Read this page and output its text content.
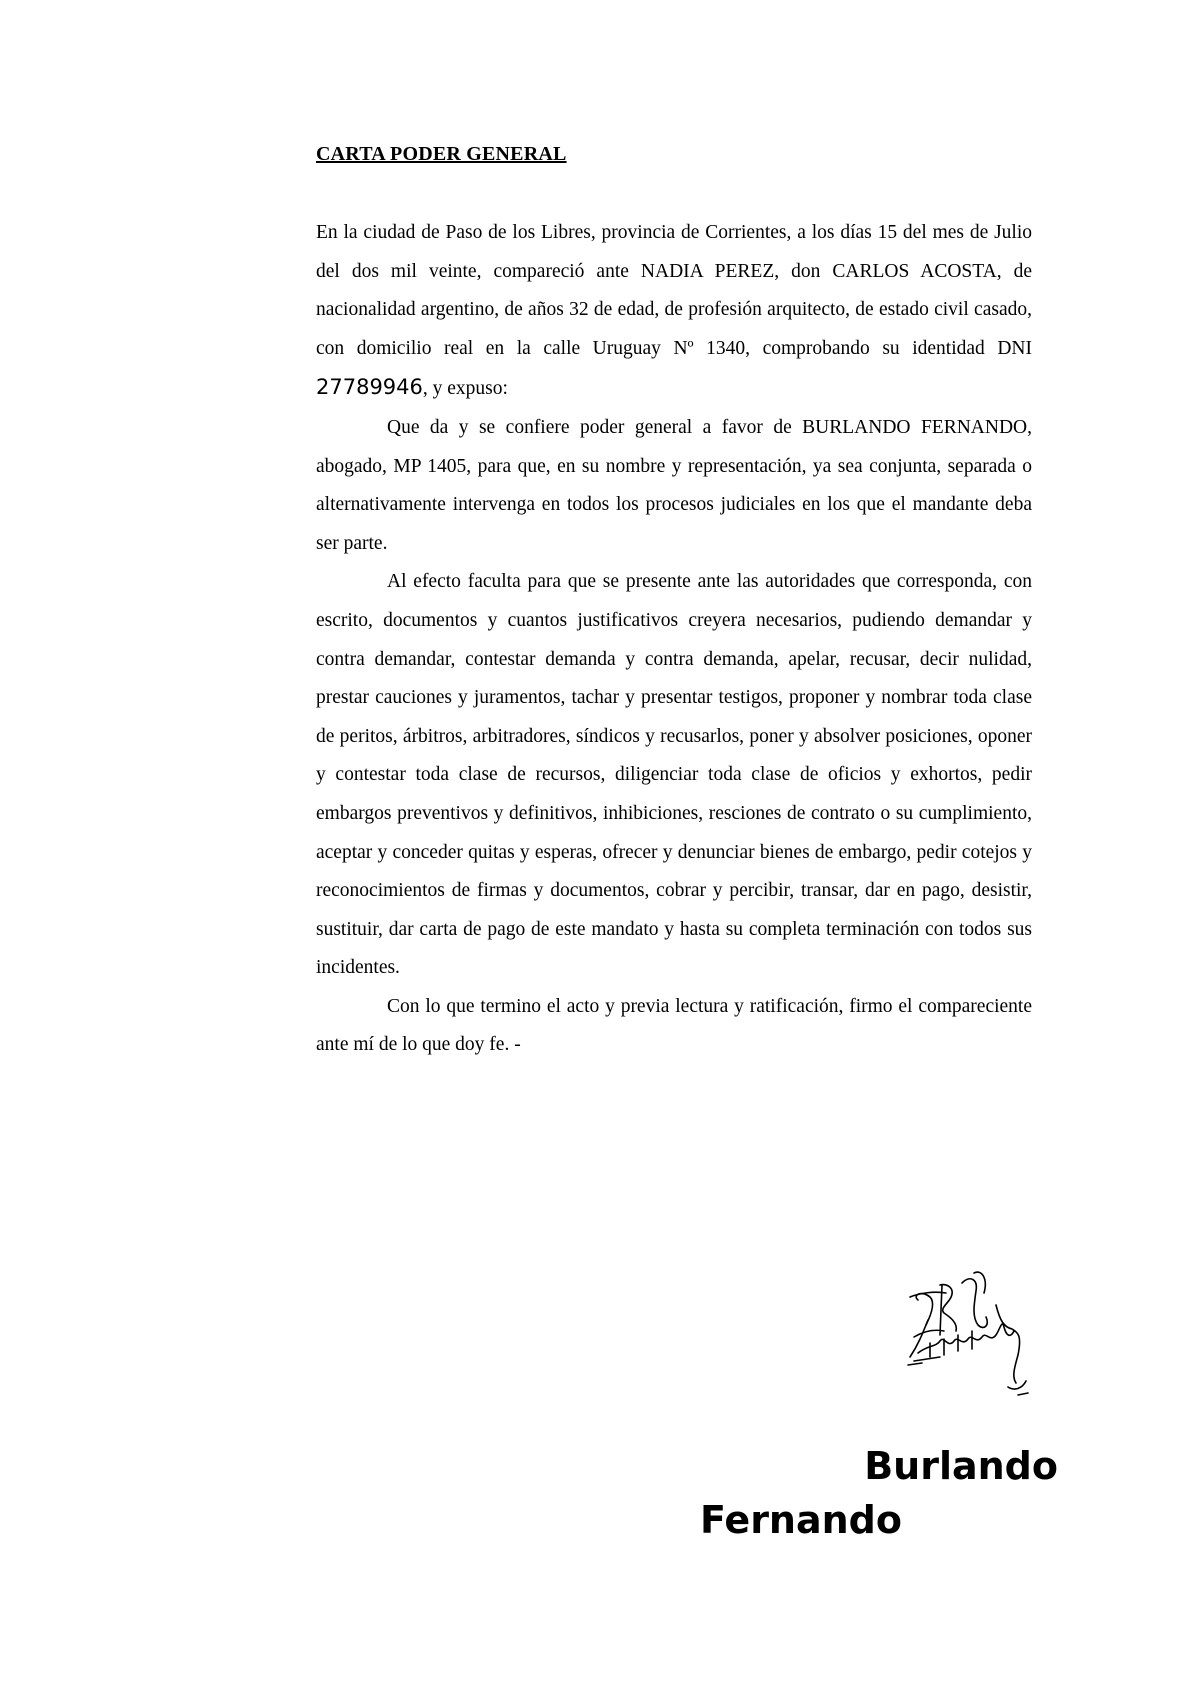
CARTA PODER GENERAL

En la ciudad de Paso de los Libres, provincia de Corrientes, a los días 15 del mes de Julio del dos mil veinte, compareció ante NADIA PEREZ, don CARLOS ACOSTA, de nacionalidad argentino, de años 32 de edad, de profesión arquitecto, de estado civil casado, con domicilio real en la calle Uruguay Nº 1340, comprobando su identidad DNI 27789946, y expuso:

Que da y se confiere poder general a favor de BURLANDO FERNANDO, abogado, MP 1405, para que, en su nombre y representación, ya sea conjunta, separada o alternativamente intervenga en todos los procesos judiciales en los que el mandante deba ser parte.

Al efecto faculta para que se presente ante las autoridades que corresponda, con escrito, documentos y cuantos justificativos creyera necesarios, pudiendo demandar y contra demandar, contestar demanda y contra demanda, apelar, recusar, decir nulidad, prestar cauciones y juramentos, tachar y presentar testigos, proponer y nombrar toda clase de peritos, árbitros, arbitradores, síndicos y recusarlos, poner y absolver posiciones, oponer y contestar toda clase de recursos, diligenciar toda clase de oficios y exhortos, pedir embargos preventivos y definitivos, inhibiciones, resciones de contrato o su cumplimiento, aceptar y conceder quitas y esperas, ofrecer y denunciar bienes de embargo, pedir cotejos y reconocimientos de firmas y documentos, cobrar y percibir, transar, dar en pago, desistir, sustituir, dar carta de pago de este mandato y hasta su completa terminación con todos sus incidentes.

Con lo que termino el acto y previa lectura y ratificación, firmo el compareciente ante mí de lo que doy fe. -

Burlando
Fernando
